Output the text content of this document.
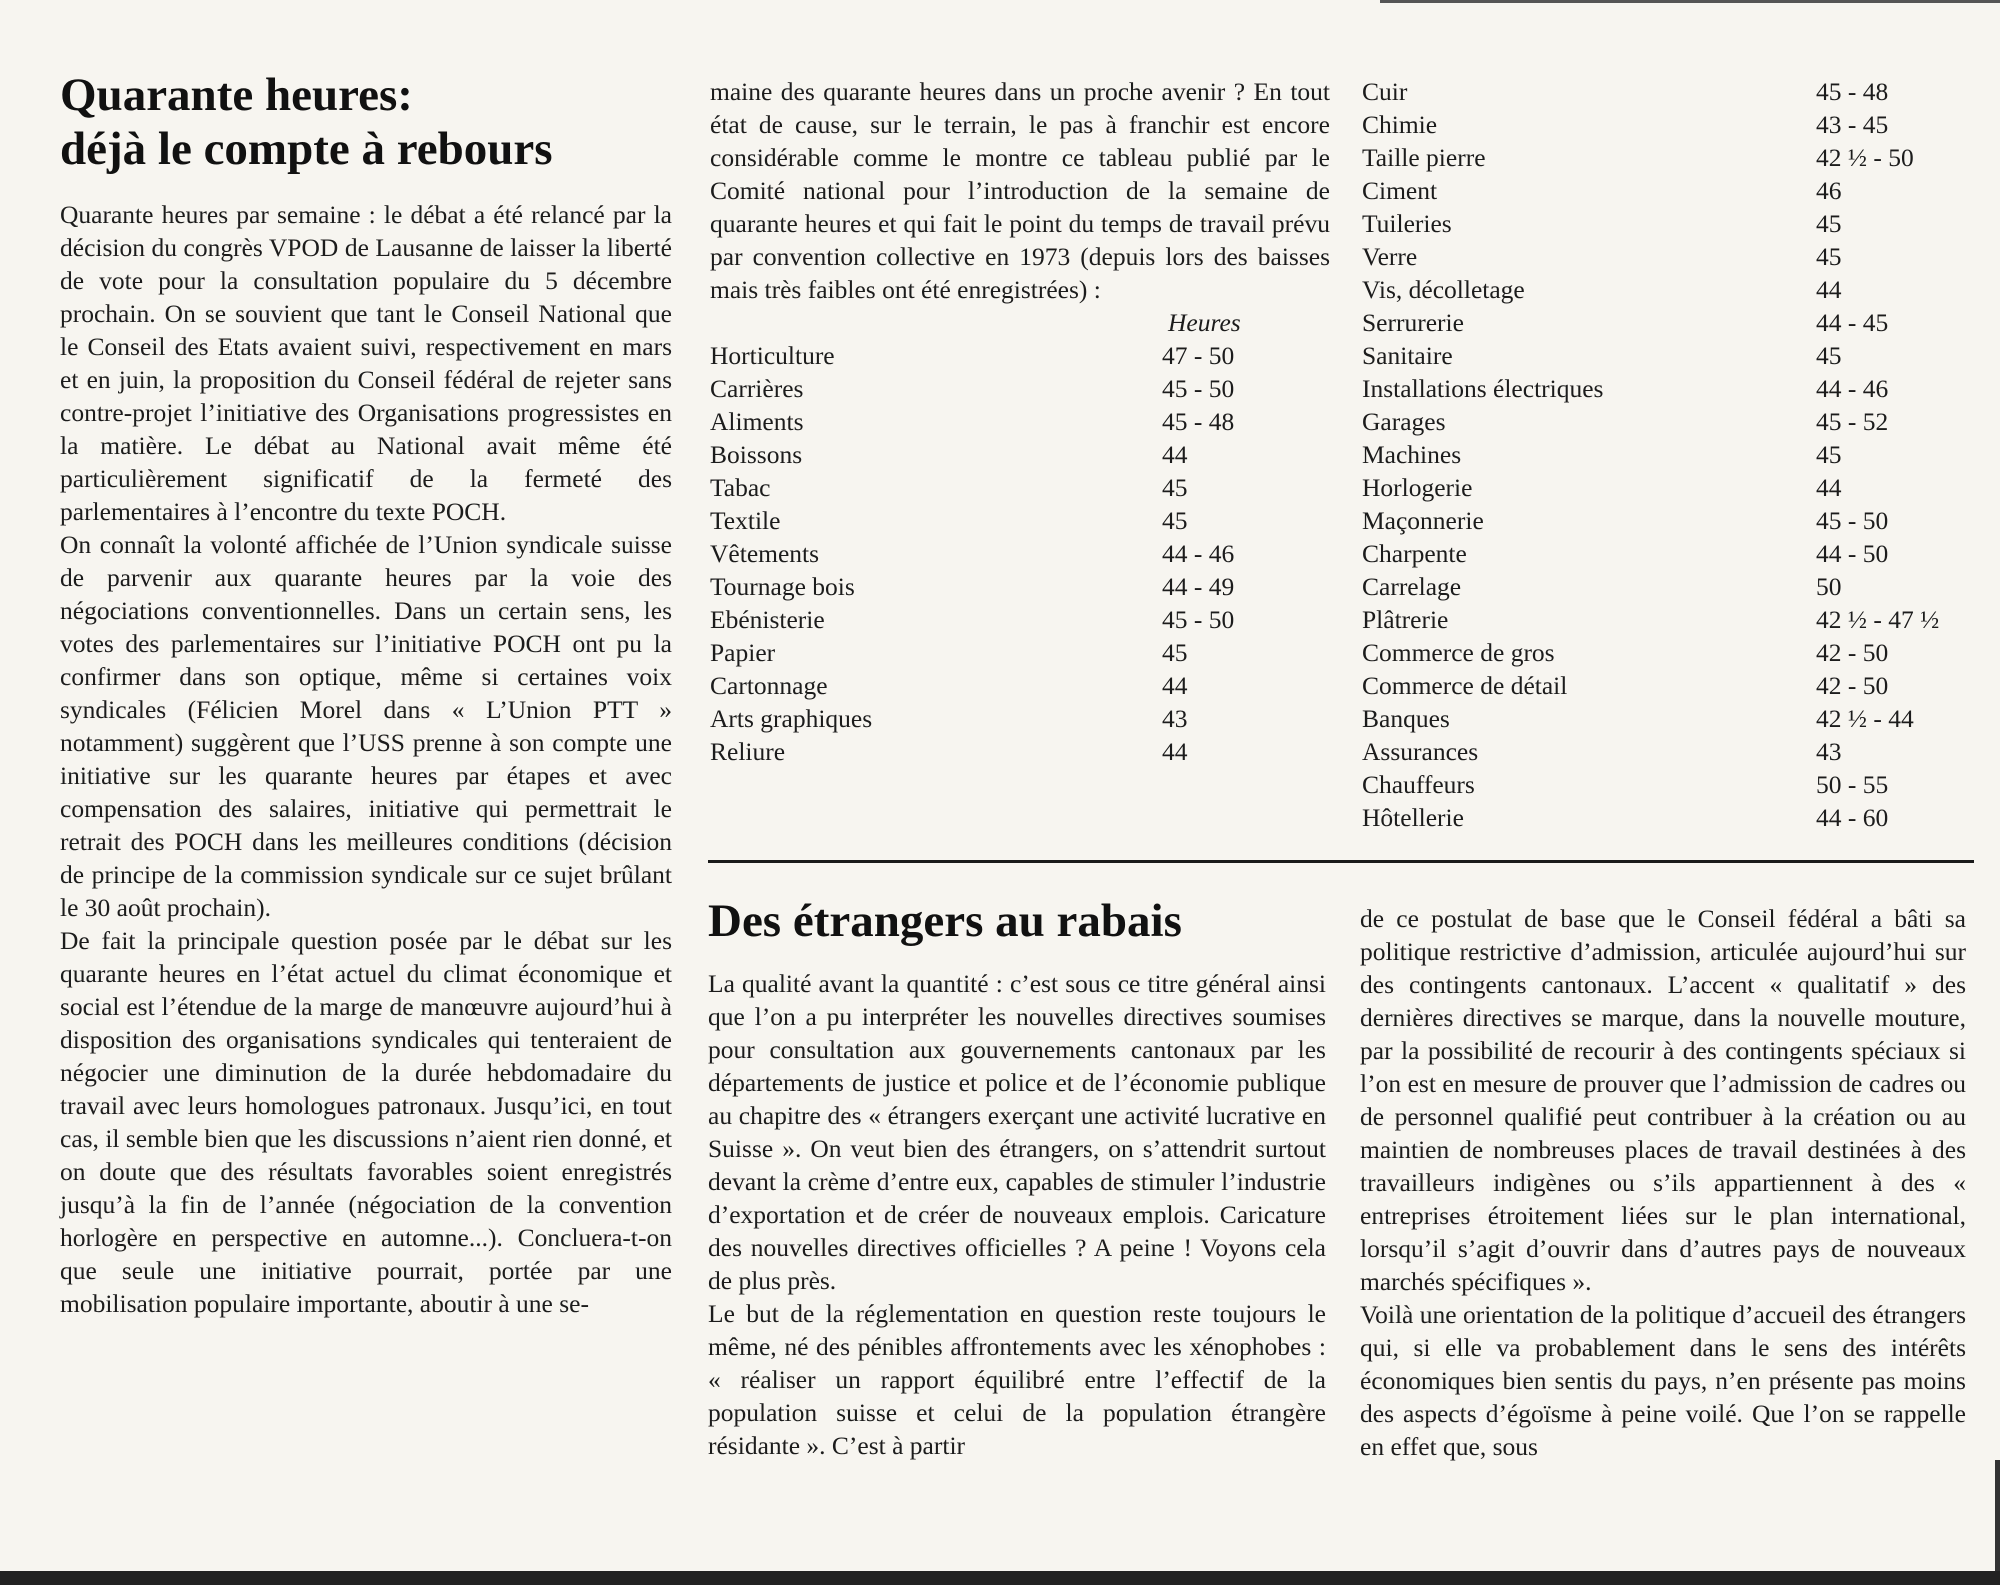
Quarante heures:
déjà le compte à rebours

Quarante heures par semaine : le débat a été relancé par la décision du congrès VPOD de Lausanne de laisser la liberté de vote pour la consultation populaire du 5 décembre prochain. On se souvient que tant le Conseil National que le Conseil des Etats avaient suivi, respectivement en mars et en juin, la proposition du Conseil fédéral de rejeter sans contre-projet l’initiative des Organisations progressistes en la matière. Le débat au National avait même été particulièrement significatif de la fermeté des parlementaires à l’encontre du texte POCH.

On connaît la volonté affichée de l’Union syndicale suisse de parvenir aux quarante heures par la voie des négociations conventionnelles. Dans un certain sens, les votes des parlementaires sur l’initiative POCH ont pu la confirmer dans son optique, même si certaines voix syndicales (Félicien Morel dans « L’Union PTT » notamment) suggèrent que l’USS prenne à son compte une initiative sur les quarante heures par étapes et avec compensation des salaires, initiative qui permettrait le retrait des POCH dans les meilleures conditions (décision de principe de la commission syndicale sur ce sujet brûlant le 30 août prochain).

De fait la principale question posée par le débat sur les quarante heures en l’état actuel du climat économique et social est l’étendue de la marge de manœuvre aujourd’hui à disposition des organisations syndicales qui tenteraient de négocier une diminution de la durée hebdomadaire du travail avec leurs homologues patronaux. Jusqu’ici, en tout cas, il semble bien que les discussions n’aient rien donné, et on doute que des résultats favorables soient enregistrés jusqu’à la fin de l’année (négociation de la convention horlogère en perspective en automne...). Concluera-t-on que seule une initiative pourrait, portée par une mobilisation populaire importante, aboutir à une se-

maine des quarante heures dans un proche avenir ? En tout état de cause, sur le terrain, le pas à franchir est encore considérable comme le montre ce tableau publié par le Comité national pour l’introduction de la semaine de quarante heures et qui fait le point du temps de travail prévu par convention collective en 1973 (depuis lors des baisses mais très faibles ont été enregistrées) :

Heures
Horticulture	47 - 50
Carrières	45 - 50
Aliments	45 - 48
Boissons	44
Tabac	45
Textile	45
Vêtements	44 - 46
Tournage bois	44 - 49
Ebénisterie	45 - 50
Papier	45
Cartonnage	44
Arts graphiques	43
Reliure	44
Cuir	45 - 48
Chimie	43 - 45
Taille pierre	42 ½ - 50
Ciment	46
Tuileries	45
Verre	45
Vis, décolletage	44
Serrurerie	44 - 45
Sanitaire	45
Installations électriques	44 - 46
Garages	45 - 52
Machines	45
Horlogerie	44
Maçonnerie	45 - 50
Charpente	44 - 50
Carrelage	50
Plâtrerie	42 ½ - 47 ½
Commerce de gros	42 - 50
Commerce de détail	42 - 50
Banques	42 ½ - 44
Assurances	43
Chauffeurs	50 - 55
Hôtellerie	44 - 60
Des étrangers au rabais

La qualité avant la quantité : c’est sous ce titre général ainsi que l’on a pu interpréter les nouvelles directives soumises pour consultation aux gouvernements cantonaux par les départements de justice et police et de l’économie publique au chapitre des « étrangers exerçant une activité lucrative en Suisse ». On veut bien des étrangers, on s’attendrit surtout devant la crème d’entre eux, capables de stimuler l’industrie d’exportation et de créer de nouveaux emplois. Caricature des nouvelles directives officielles ? A peine ! Voyons cela de plus près.

Le but de la réglementation en question reste toujours le même, né des pénibles affrontements avec les xénophobes : « réaliser un rapport équilibré entre l’effectif de la population suisse et celui de la population étrangère résidante ». C’est à partir

de ce postulat de base que le Conseil fédéral a bâti sa politique restrictive d’admission, articulée aujourd’hui sur des contingents cantonaux. L’accent « qualitatif » des dernières directives se marque, dans la nouvelle mouture, par la possibilité de recourir à des contingents spéciaux si l’on est en mesure de prouver que l’admission de cadres ou de personnel qualifié peut contribuer à la création ou au maintien de nombreuses places de travail destinées à des travailleurs indigènes ou s’ils appartiennent à des « entreprises étroitement liées sur le plan international, lorsqu’il s’agit d’ouvrir dans d’autres pays de nouveaux marchés spécifiques ».

Voilà une orientation de la politique d’accueil des étrangers qui, si elle va probablement dans le sens des intérêts économiques bien sentis du pays, n’en présente pas moins des aspects d’égoïsme à peine voilé. Que l’on se rappelle en effet que, sous
